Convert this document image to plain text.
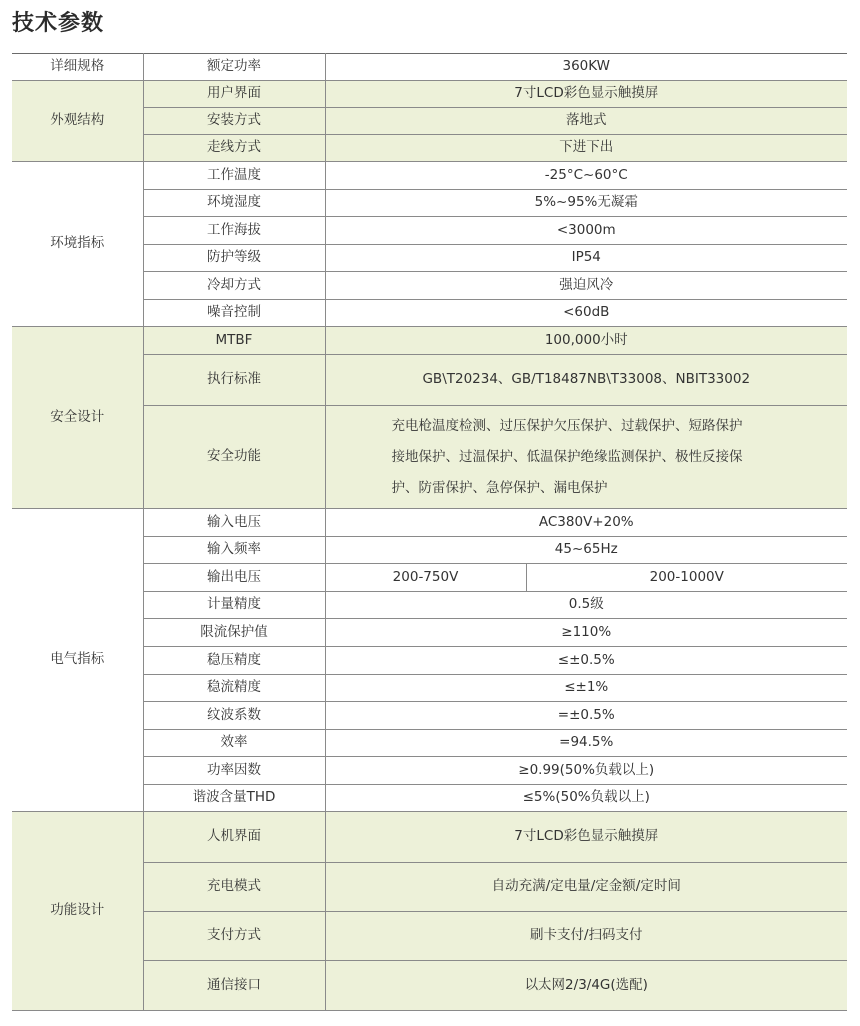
技术参数
详细规格	额定功率	360KW	
外观结构	用户界面	7寸LCD彩色显示触摸屏	
	安装方式	落地式	
	走线方式	下进下出	
环境指标	工作温度	-25°C~60°C	
	环境湿度	5%~95%无凝霜	
	工作海拔	<3000m	
	防护等级	IP54	
	冷却方式	强迫风冷	
	噪音控制	<60dB	
安全设计	MTBF	100,000小时	
	执行标准	GB\T20234、GB/T18487NB\T33008、NBIT33002	
	安全功能	充电枪温度检测、过压保护欠压保护、过载保护、短路保护
接地保护、过温保护、低温保护绝缘监测保护、极性反接保
护、防雷保护、急停保护、漏电保护	

电气指标	输入电压	AC380V+20%	
	输入频率	45~65Hz	
	输出电压	200-750V	200-1000V
	计量精度	0.5级	
	限流保护值	≥110%	
	稳压精度	≤±0.5%	
	稳流精度	≤±1%	
	纹波系数	=±0.5%	
	效率	=94.5%	
	功率因数	≥0.99(50%负载以上)	
	谐波含量THD	≤5%(50%负载以上)	
功能设计	人机界面	7寸LCD彩色显示触摸屏	
	充电模式	自动充满/定电量/定金额/定时间	
	支付方式	刷卡支付/扫码支付	
	通信接口	以太网2/3/4G(选配)	
